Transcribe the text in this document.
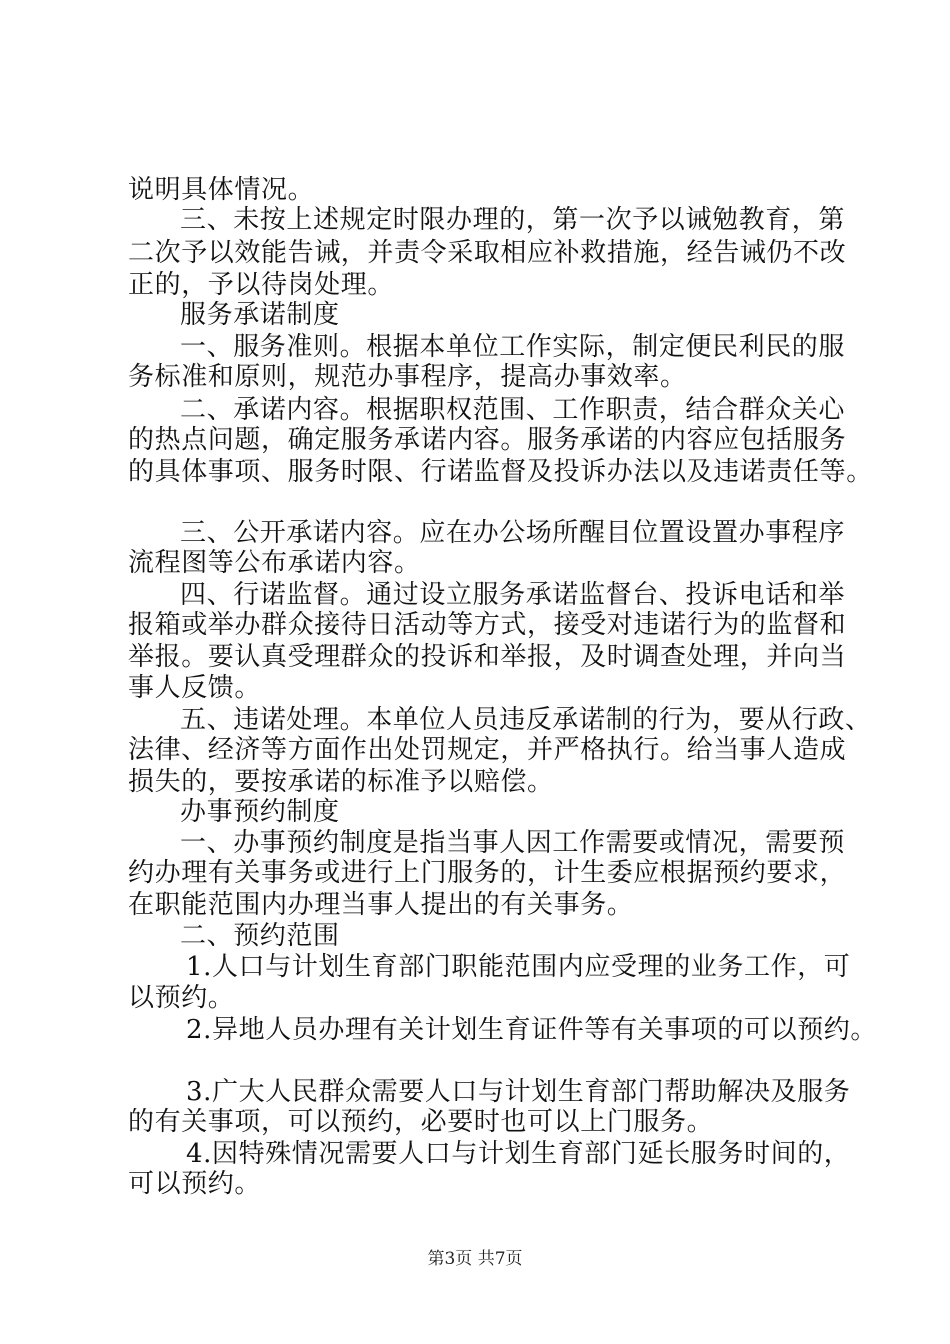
说明具体情况。
三、未按上述规定时限办理的，第一次予以诫勉教育，第
二次予以效能告诫，并责令采取相应补救措施，经告诫仍不改
正的，予以待岗处理。
服务承诺制度
一、服务准则。根据本单位工作实际，制定便民利民的服
务标准和原则，规范办事程序，提高办事效率。
二、承诺内容。根据职权范围、工作职责，结合群众关心
的热点问题，确定服务承诺内容。服务承诺的内容应包括服务
的具体事项、服务时限、行诺监督及投诉办法以及违诺责任等。
三、公开承诺内容。应在办公场所醒目位置设置办事程序
流程图等公布承诺内容。
四、行诺监督。通过设立服务承诺监督台、投诉电话和举
报箱或举办群众接待日活动等方式，接受对违诺行为的监督和
举报。要认真受理群众的投诉和举报，及时调查处理，并向当
事人反馈。
五、违诺处理。本单位人员违反承诺制的行为，要从行政、
法律、经济等方面作出处罚规定，并严格执行。给当事人造成
损失的，要按承诺的标准予以赔偿。
办事预约制度
一、办事预约制度是指当事人因工作需要或情况，需要预
约办理有关事务或进行上门服务的，计生委应根据预约要求，
在职能范围内办理当事人提出的有关事务。
二、预约范围
1.人口与计划生育部门职能范围内应受理的业务工作，可
以预约。
2.异地人员办理有关计划生育证件等有关事项的可以预约。
3.广大人民群众需要人口与计划生育部门帮助解决及服务
的有关事项，可以预约，必要时也可以上门服务。
4.因特殊情况需要人口与计划生育部门延长服务时间的，
可以预约。
第3页 共7页
